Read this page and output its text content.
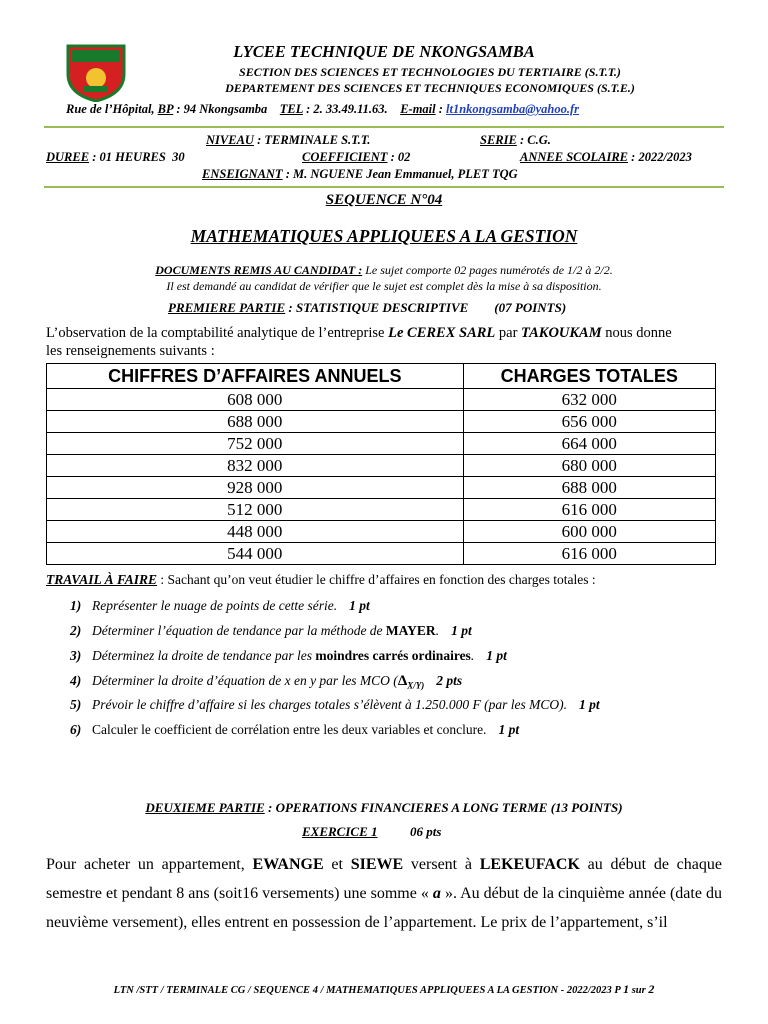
LYCEE TECHNIQUE DE NKONGSAMBA
SECTION DES SCIENCES ET TECHNOLOGIES DU TERTIAIRE (S.T.T.)
DEPARTEMENT DES SCIENCES ET TECHNIQUES ECONOMIQUES (S.T.E.)
Rue de l’Hôpital, BP : 94 Nkongsamba TEL : 2. 33.49.11.63. E-mail : lt1nkongsamba@yahoo.fr
NIVEAU : TERMINALE S.T.T.	SERIE : C.G.
DUREE : 01 HEURES  30	COEFFICIENT : 02	ANNEE SCOLAIRE : 2022/2023
ENSEIGNANT : M. NGUENE Jean Emmanuel, PLET TQG
SEQUENCE N°04
MATHEMATIQUES APPLIQUEES A LA GESTION
DOCUMENTS REMIS AU CANDIDAT : Le sujet comporte 02 pages numérotés de 1/2 à 2/2.
Il est demandé au candidat de vérifier que le sujet est complet dès la mise à sa disposition.
PREMIERE PARTIE : STATISTIQUE DESCRIPTIVE (07 POINTS)
L’observation de la comptabilité analytique de l’entreprise Le CEREX SARL par TAKOUKAM nous donne
les renseignements suivants :
CHIFFRES D’AFFAIRES ANNUELS	CHARGES TOTALES
608 000	632 000
688 000	656 000
752 000	664 000
832 000	680 000
928 000	688 000
512 000	616 000
448 000	600 000
544 000	616 000
TRAVAIL À FAIRE : Sachant qu’on veut étudier le chiffre d’affaires en fonction des charges totales :
1) Représenter le nuage de points de cette série. 1 pt
2) Déterminer l’équation de tendance par la méthode de MAYER. 1 pt
3) Déterminez la droite de tendance par les moindres carrés ordinaires. 1 pt
4) Déterminer la droite d’équation de x en y par les MCO ($\Delta_{X/Y)}$ 2 pts
5) Prévoir le chiffre d’affaire si les charges totales s’élèvent à 1.250.000 F (par les MCO). 1 pt
6) Calculer le coefficient de corrélation entre les deux variables et conclure. 1 pt
DEUXIEME PARTIE : OPERATIONS FINANCIERES A LONG TERME (13 POINTS)
EXERCICE 1	06 pts
Pour acheter un appartement, EWANGE et SIEWE versent à LEKEUFACK au début de chaque semestre et pendant 8 ans (soit16 versements) une somme « a ». Au début de la cinquième année (date du neuvième versement), elles entrent en possession de l’appartement. Le prix de l’appartement, s’il
LTN /STT / TERMINALE CG / SEQUENCE 4 / MATHEMATIQUES APPLIQUEES A LA GESTION - 2022/2023 P 1 sur 2
